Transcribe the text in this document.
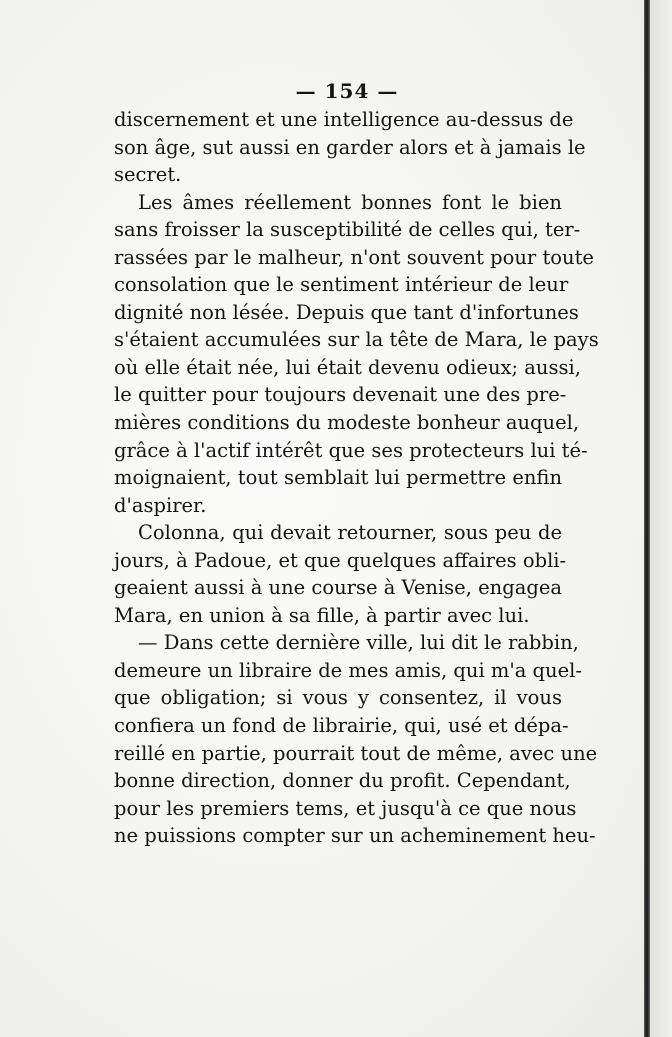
— 154 —
discernement et une intelligence au-dessus de
son âge, sut aussi en garder alors et à jamais le
secret.
Les âmes réellement bonnes font le bien
sans froisser la susceptibilité de celles qui, ter-
rassées par le malheur, n'ont souvent pour toute
consolation que le sentiment intérieur de leur
dignité non lésée. Depuis que tant d'infortunes
s'étaient accumulées sur la tête de Mara, le pays
où elle était née, lui était devenu odieux; aussi,
le quitter pour toujours devenait une des pre-
mières conditions du modeste bonheur auquel,
grâce à l'actif intérêt que ses protecteurs lui té-
moignaient, tout semblait lui permettre enfin
d'aspirer.
Colonna, qui devait retourner, sous peu de
jours, à Padoue, et que quelques affaires obli-
geaient aussi à une course à Venise, engagea
Mara, en union à sa fille, à partir avec lui.
— Dans cette dernière ville, lui dit le rabbin,
demeure un libraire de mes amis, qui m'a quel-
que obligation; si vous y consentez, il vous
confiera un fond de librairie, qui, usé et dépa-
reillé en partie, pourrait tout de même, avec une
bonne direction, donner du profit. Cependant,
pour les premiers tems, et jusqu'à ce que nous
ne puissions compter sur un acheminement heu-
